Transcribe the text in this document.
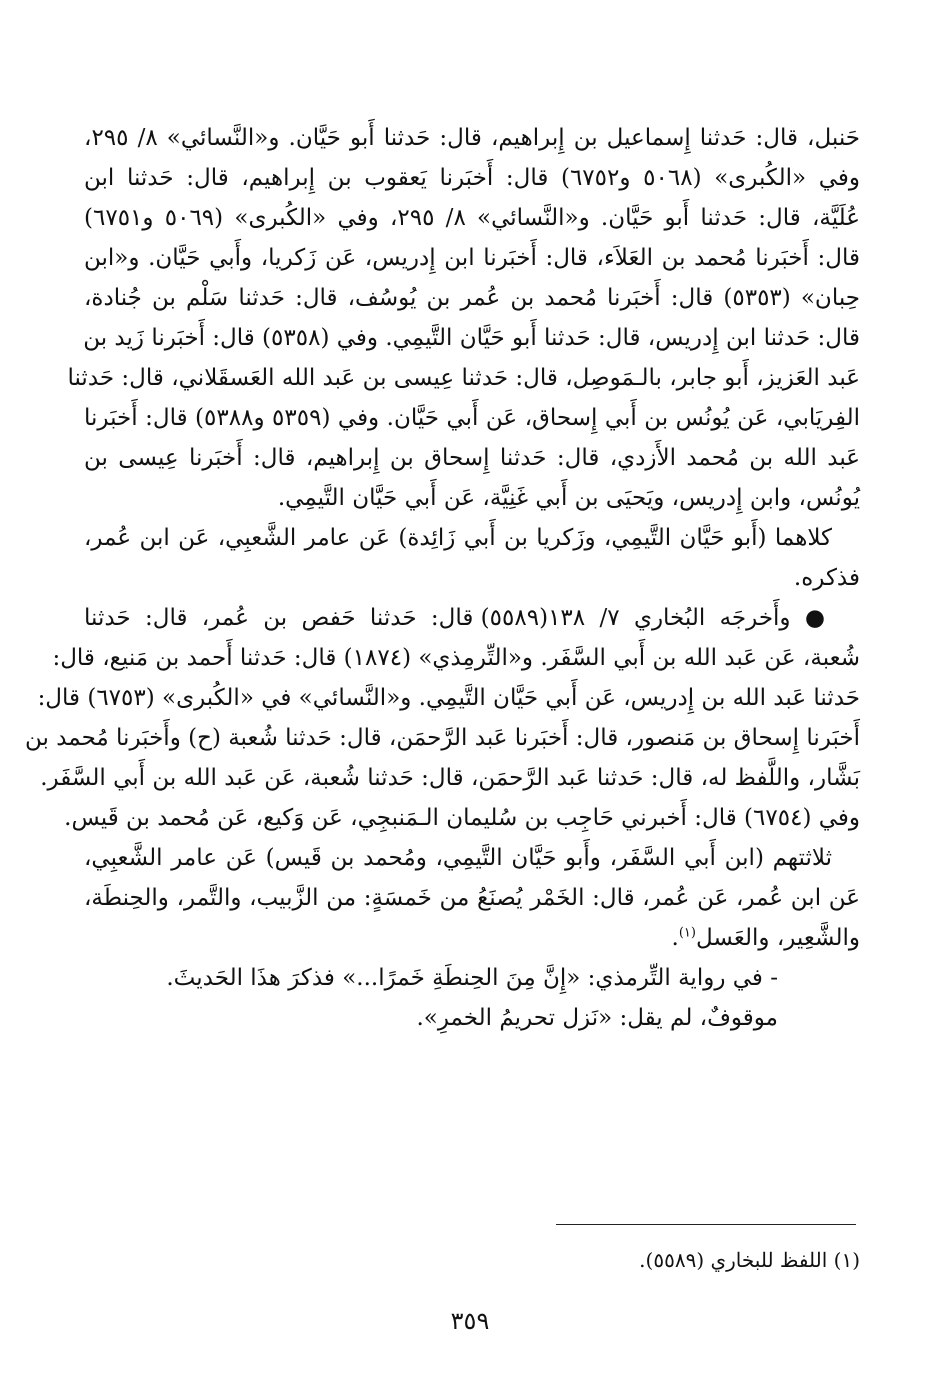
حَنبل، قال: حَدثنا إِسماعيل بن إِبراهيم، قال: حَدثنا أَبو حَيَّان. و«النَّسائي» ٨/ ٢٩٥،
وفي «الكُبرى» (٥٠٦٨ و٦٧٥٢) قال: أَخبَرنا يَعقوب بن إِبراهيم، قال: حَدثنا ابن
عُلَيَّة، قال: حَدثنا أَبو حَيَّان. و«النَّسائي» ٨/ ٢٩٥، وفي «الكُبرى» (٥٠٦٩ و٦٧٥١)
قال: أَخبَرنا مُحمد بن العَلاَء، قال: أَخبَرنا ابن إِدريس، عَن زَكريا، وأَبي حَيَّان. و«ابن
حِبان» (٥٣٥٣) قال: أَخبَرنا مُحمد بن عُمر بن يُوسُف، قال: حَدثنا سَلْم بن جُنادة،
قال: حَدثنا ابن إِدريس، قال: حَدثنا أَبو حَيَّان التَّيمِي. وفي (٥٣٥٨) قال: أَخبَرنا زَيد بن
عَبد العَزيز، أَبو جابر، بالـمَوصِل، قال: حَدثنا عِيسى بن عَبد الله العَسقَلاني، قال: حَدثنا
الفِريَابي، عَن يُونُس بن أَبي إِسحاق، عَن أَبي حَيَّان. وفي (٥٣٥٩ و٥٣٨٨) قال: أَخبَرنا
عَبد الله بن مُحمد الأَزدي، قال: حَدثنا إِسحاق بن إِبراهيم، قال: أَخبَرنا عِيسى بن
يُونُس، وابن إِدريس، ويَحيَى بن أَبي غَنِيَّة، عَن أَبي حَيَّان التَّيمِي.
كلاهما (أَبو حَيَّان التَّيمِي، وزَكريا بن أَبي زَائِدة) عَن عامر الشَّعبِي، عَن ابن عُمر،
فذكره.
● وأَخرجَه البُخاري ٧/ ١٣٨(٥٥٨٩) قال: حَدثنا حَفص بن عُمر، قال: حَدثنا
شُعبة، عَن عَبد الله بن أَبي السَّفَر. و«التِّرمِذي» (١٨٧٤) قال: حَدثنا أَحمد بن مَنيع، قال:
حَدثنا عَبد الله بن إِدريس، عَن أَبي حَيَّان التَّيمِي. و«النَّسائي» في «الكُبرى» (٦٧٥٣) قال:
أَخبَرنا إِسحاق بن مَنصور، قال: أَخبَرنا عَبد الرَّحمَن، قال: حَدثنا شُعبة (ح) وأَخبَرنا مُحمد بن
بَشَّار، واللَّفظ له، قال: حَدثنا عَبد الرَّحمَن، قال: حَدثنا شُعبة، عَن عَبد الله بن أَبي السَّفَر.
وفي (٦٧٥٤) قال: أَخبرني حَاجِب بن سُليمان الـمَنبجِي، عَن وَكيع، عَن مُحمد بن قَيس.
ثلاثتهم (ابن أَبي السَّفَر، وأَبو حَيَّان التَّيمِي، ومُحمد بن قَيس) عَن عامر الشَّعبِي،
عَن ابن عُمر، عَن عُمر، قال: الخَمْر يُصنَعُ من خَمسَةٍ: من الزَّبيب، والتَّمر، والحِنطَة،
والشَّعِير، والعَسل$^{(١)}$.
- في رواية التِّرمذي: «إِنَّ مِنَ الحِنطَةِ خَمرًا...» فذكرَ هذَا الحَديثَ.
موقوفٌ، لم يقل: «نَزل تحريمُ الخمرِ».
(١) اللفظ للبخاري (٥٥٨٩).
٣٥٩
